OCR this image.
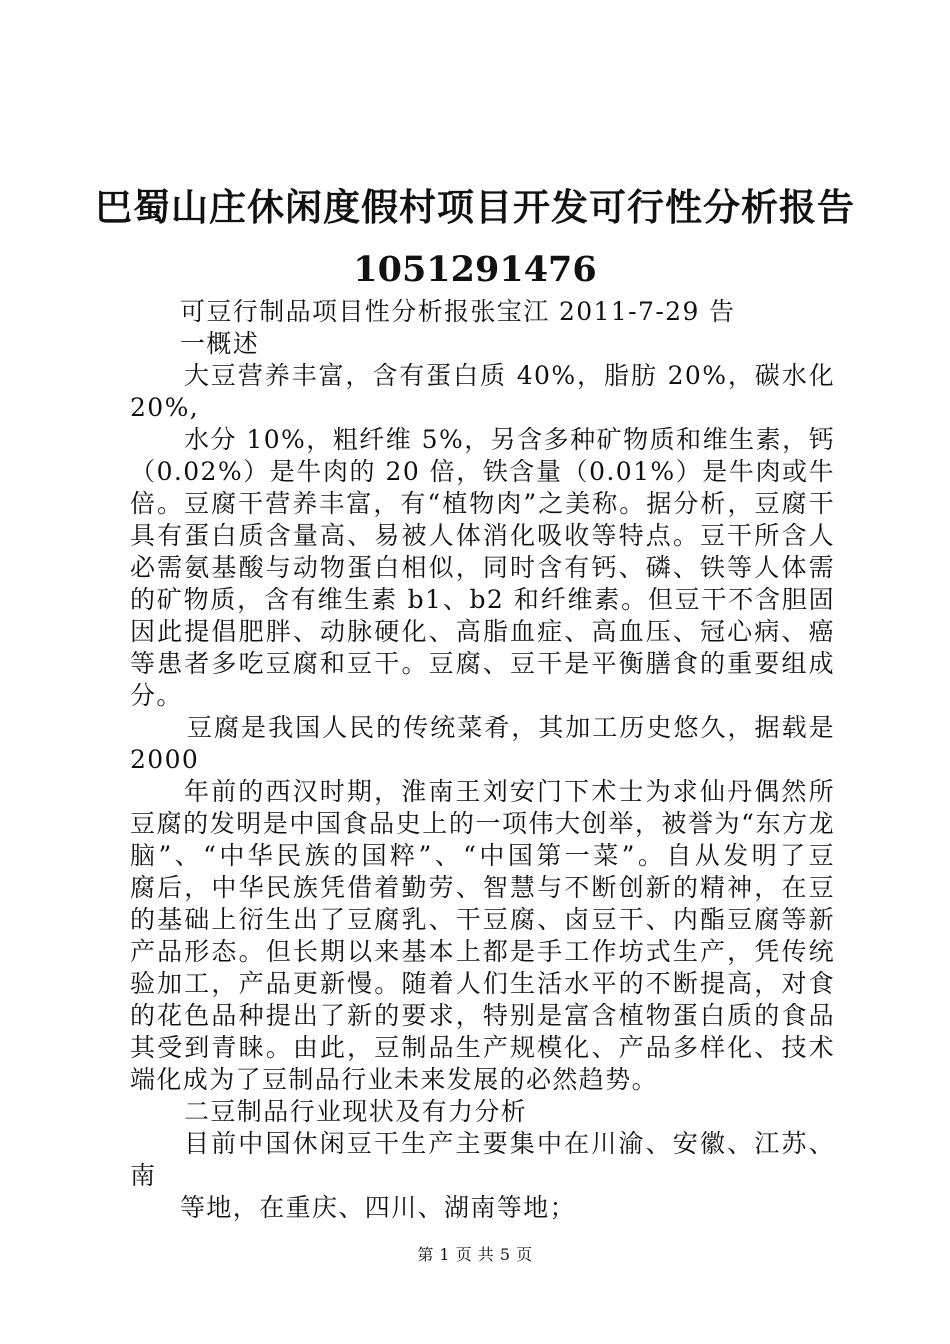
巴蜀山庄休闲度假村项目开发可行性分析报告
1051291476
可豆行制品项目性分析报张宝江 2011-7-29 告
一概述
大豆营养丰富，含有蛋白质 40%，脂肪 20%，碳水化
20%,
水分 10%，粗纤维 5%，另含多种矿物质和维生素，钙
（0.02%）是牛肉的 20 倍，铁含量（0.01%）是牛肉或牛
倍。豆腐干营养丰富，有“植物肉”之美称。据分析，豆腐干
具有蛋白质含量高、易被人体消化吸收等特点。豆干所含人
必需氨基酸与动物蛋白相似，同时含有钙、磷、铁等人体需
的矿物质，含有维生素 b1、b2 和纤维素。但豆干不含胆固
因此提倡肥胖、动脉硬化、高脂血症、高血压、冠心病、癌
等患者多吃豆腐和豆干。豆腐、豆干是平衡膳食的重要组成
分。
豆腐是我国人民的传统菜肴，其加工历史悠久，据载是
2000
年前的西汉时期，淮南王刘安门下术士为求仙丹偶然所
豆腐的发明是中国食品史上的一项伟大创举，被誉为“东方龙
脑”、“中华民族的国粹”、“中国第一菜”。自从发明了豆
腐后，中华民族凭借着勤劳、智慧与不断创新的精神，在豆
的基础上衍生出了豆腐乳、干豆腐、卤豆干、内酯豆腐等新
产品形态。但长期以来基本上都是手工作坊式生产，凭传统
验加工，产品更新慢。随着人们生活水平的不断提高，对食
的花色品种提出了新的要求，特别是富含植物蛋白质的食品
其受到青睐。由此，豆制品生产规模化、产品多样化、技术
端化成为了豆制品行业未来发展的必然趋势。
二豆制品行业现状及有力分析
目前中国休闲豆干生产主要集中在川渝、安徽、江苏、
南
等地，在重庆、四川、湖南等地；
第 1 页 共 5 页
